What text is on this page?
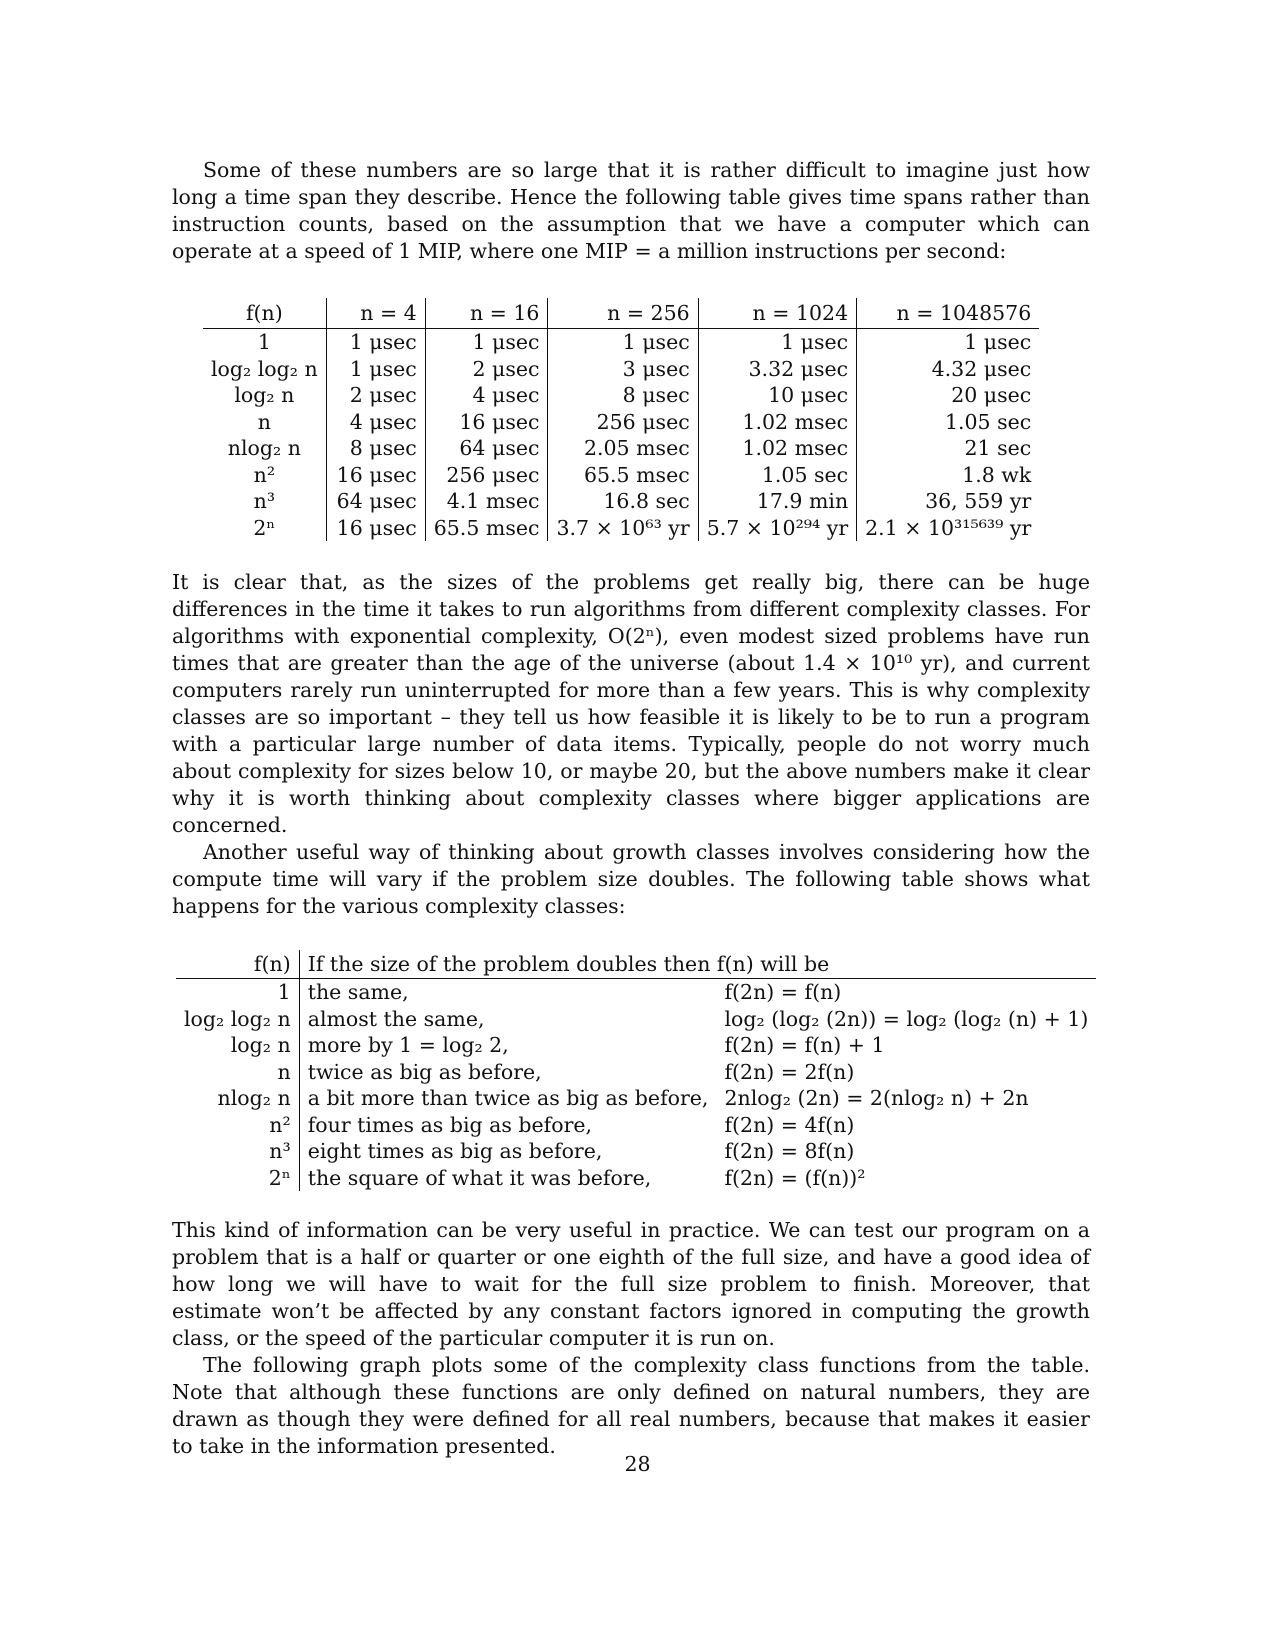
Some of these numbers are so large that it is rather difficult to imagine just how long a time span they describe. Hence the following table gives time spans rather than instruction counts, based on the assumption that we have a computer which can operate at a speed of 1 MIP, where one MIP = a million instructions per second:

f(n)	n = 4	n = 16	n = 256	n = 1024	n = 1048576
1	1 μsec	1 μsec	1 μsec	1 μsec	1 μsec
log₂ log₂ n	1 μsec	2 μsec	3 μsec	3.32 μsec	4.32 μsec
log₂ n	2 μsec	4 μsec	8 μsec	10 μsec	20 μsec
n	4 μsec	16 μsec	256 μsec	1.02 msec	1.05 sec
nlog₂ n	8 μsec	64 μsec	2.05 msec	1.02 msec	21 sec
n²	16 μsec	256 μsec	65.5 msec	1.05 sec	1.8 wk
n³	64 μsec	4.1 msec	16.8 sec	17.9 min	36, 559 yr
2ⁿ	16 μsec	65.5 msec	3.7 × 10⁶³ yr	5.7 × 10²⁹⁴ yr	2.1 × 10³¹⁵⁶³⁹ yr

It is clear that, as the sizes of the problems get really big, there can be huge differences in the time it takes to run algorithms from different complexity classes. For algorithms with exponential complexity, O(2ⁿ), even modest sized problems have run times that are greater than the age of the universe (about 1.4 × 10¹⁰ yr), and current computers rarely run uninterrupted for more than a few years. This is why complexity classes are so important – they tell us how feasible it is likely to be to run a program with a particular large number of data items. Typically, people do not worry much about complexity for sizes below 10, or maybe 20, but the above numbers make it clear why it is worth thinking about complexity classes where bigger applications are concerned.

Another useful way of thinking about growth classes involves considering how the compute time will vary if the problem size doubles. The following table shows what happens for the various complexity classes:

f(n)	If the size of the problem doubles then f(n) will be	
1	the same,	f(2n) = f(n)
log₂ log₂ n	almost the same,	log₂ (log₂ (2n)) = log₂ (log₂ (n) + 1)
log₂ n	more by 1 = log₂ 2,	f(2n) = f(n) + 1
n	twice as big as before,	f(2n) = 2f(n)
nlog₂ n	a bit more than twice as big as before,	2nlog₂ (2n) = 2(nlog₂ n) + 2n
n²	four times as big as before,	f(2n) = 4f(n)
n³	eight times as big as before,	f(2n) = 8f(n)
2ⁿ	the square of what it was before,	f(2n) = (f(n))²

This kind of information can be very useful in practice. We can test our program on a problem that is a half or quarter or one eighth of the full size, and have a good idea of how long we will have to wait for the full size problem to finish. Moreover, that estimate won’t be affected by any constant factors ignored in computing the growth class, or the speed of the particular computer it is run on.

The following graph plots some of the complexity class functions from the table. Note that although these functions are only defined on natural numbers, they are drawn as though they were defined for all real numbers, because that makes it easier to take in the information presented.

28
